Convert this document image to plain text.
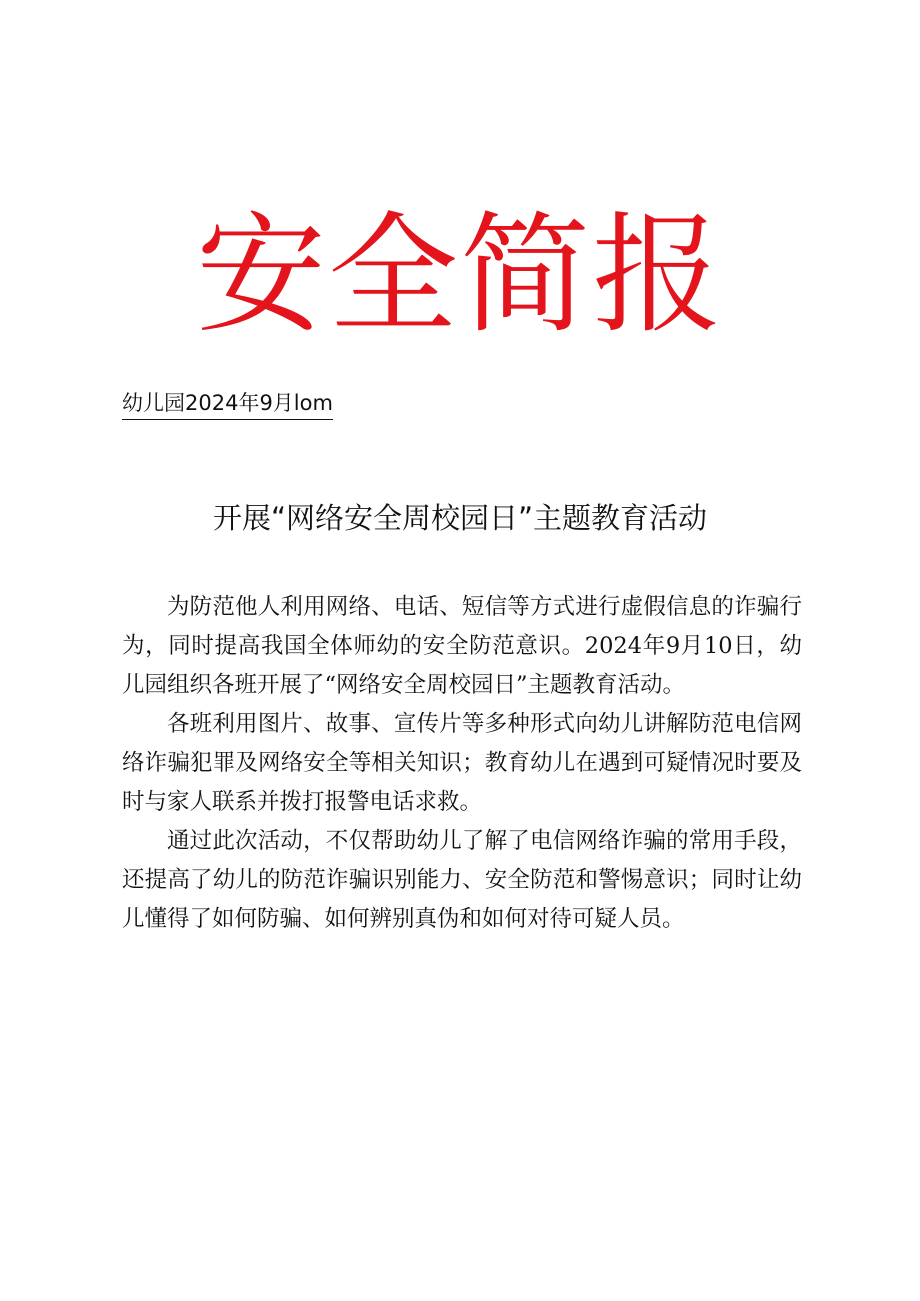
安全简报
幼儿园2024年9月lom
开展“网络安全周校园日”主题教育活动

为防范他人利用网络、电话、短信等方式进行虚假信息的诈骗行为，同时提高我国全体师幼的安全防范意识。2024年9月10日，幼儿园组织各班开展了“网络安全周校园日”主题教育活动。

各班利用图片、故事、宣传片等多种形式向幼儿讲解防范电信网络诈骗犯罪及网络安全等相关知识；教育幼儿在遇到可疑情况时要及时与家人联系并拨打报警电话求救。

通过此次活动，不仅帮助幼儿了解了电信网络诈骗的常用手段，还提高了幼儿的防范诈骗识别能力、安全防范和警惕意识；同时让幼儿懂得了如何防骗、如何辨别真伪和如何对待可疑人员。
